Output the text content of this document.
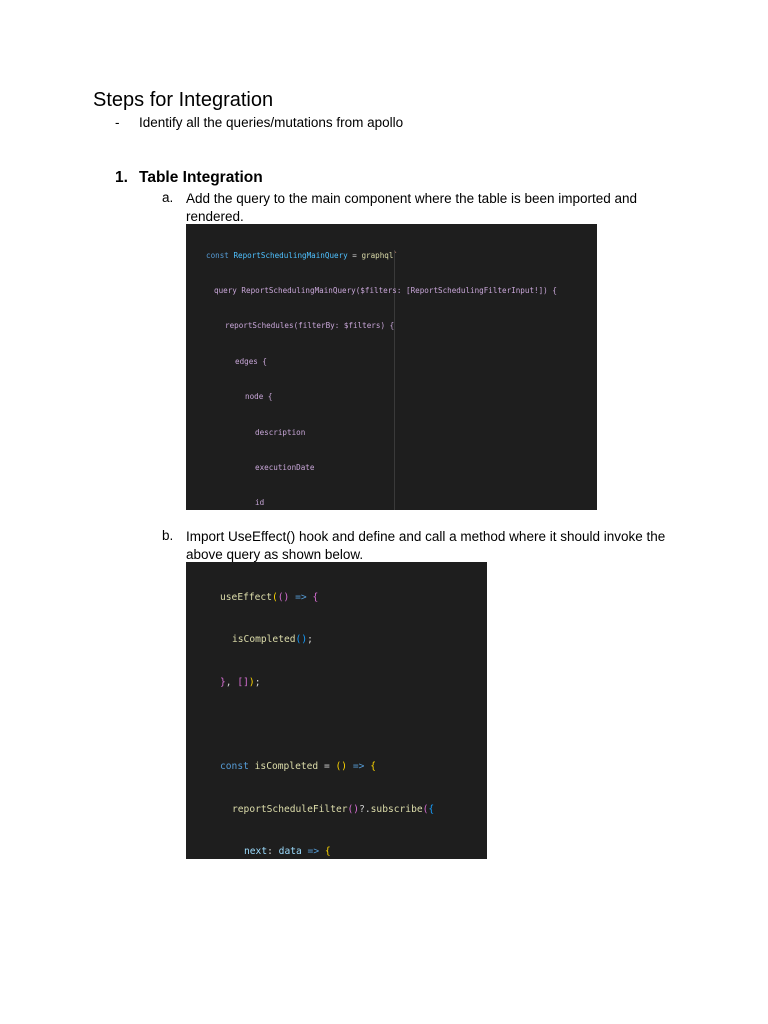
Steps for Integration
- Identify all the queries/mutations from apollo
1. Table Integration
a. Add the query to the main component where the table is been imported and rendered.

const ReportSchedulingMainQuery = graphql`

query ReportSchedulingMainQuery($filters: [ReportSchedulingFilterInput!]) {

reportSchedules(filterBy: $filters) {

edges {

node {

description

executionDate

id

b. Import UseEffect() hook and define and call a method where it should invoke the above query as shown below.

useEffect(() => {

isCompleted();

}, []);

const isCompleted = () => {

reportScheduleFilter()?.subscribe({

next: data => {
